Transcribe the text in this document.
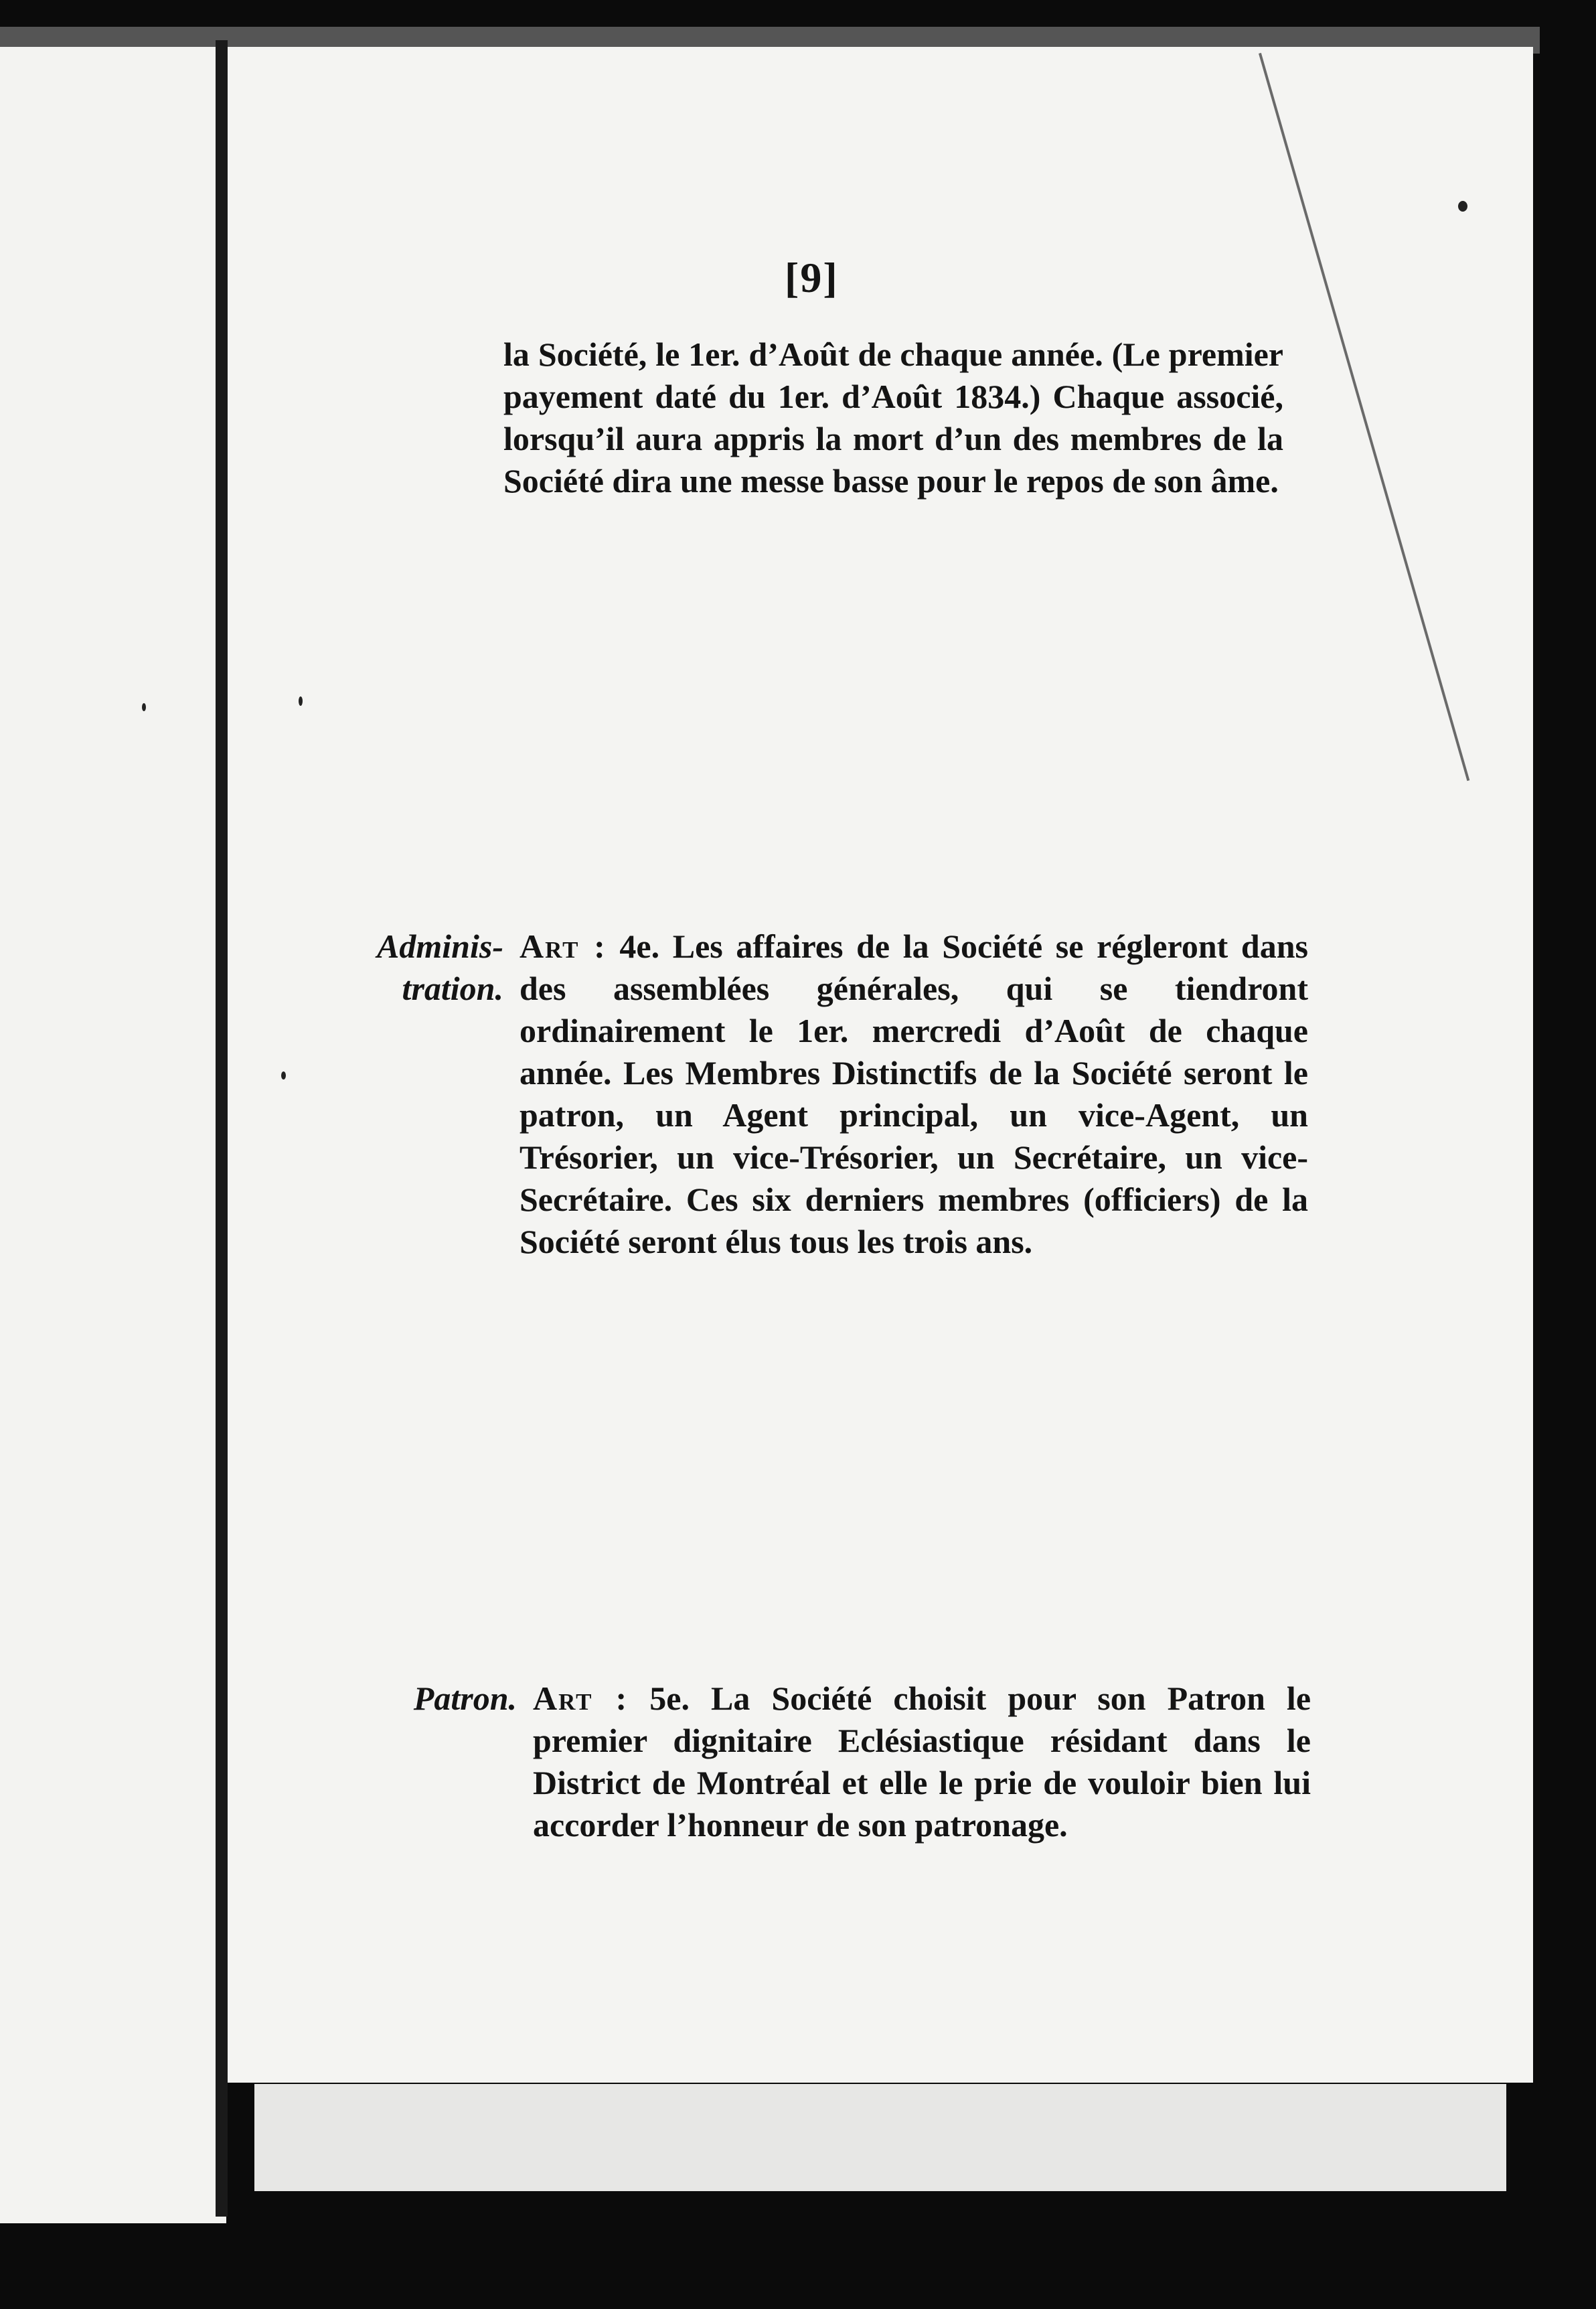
[9]
la Société, le 1er. d’Août de chaque année. (Le premier payement daté du 1er. d’Août 1834.) Chaque associé, lorsqu’il aura appris la mort d’un des membres de la Société dira une messe basse pour le repos de son âme.
Adminis- tration.
Art : 4e. Les affaires de la Société se régleront dans des assemblées générales, qui se tiendront ordinairement le 1er. mercredi d’Août de chaque année. Les Membres Distinctifs de la Société seront le patron, un Agent principal, un vice-Agent, un Trésorier, un vice-Trésorier, un Secrétaire, un vice-Secrétaire. Ces six derniers membres (officiers) de la Société seront élus tous les trois ans.
Patron. Art : 5e. La Société choisit pour son Patron le premier dignitaire Eclésiastique résidant dans le District de Montréal et elle le prie de vouloir bien lui accorder l’honneur de son patronage.
